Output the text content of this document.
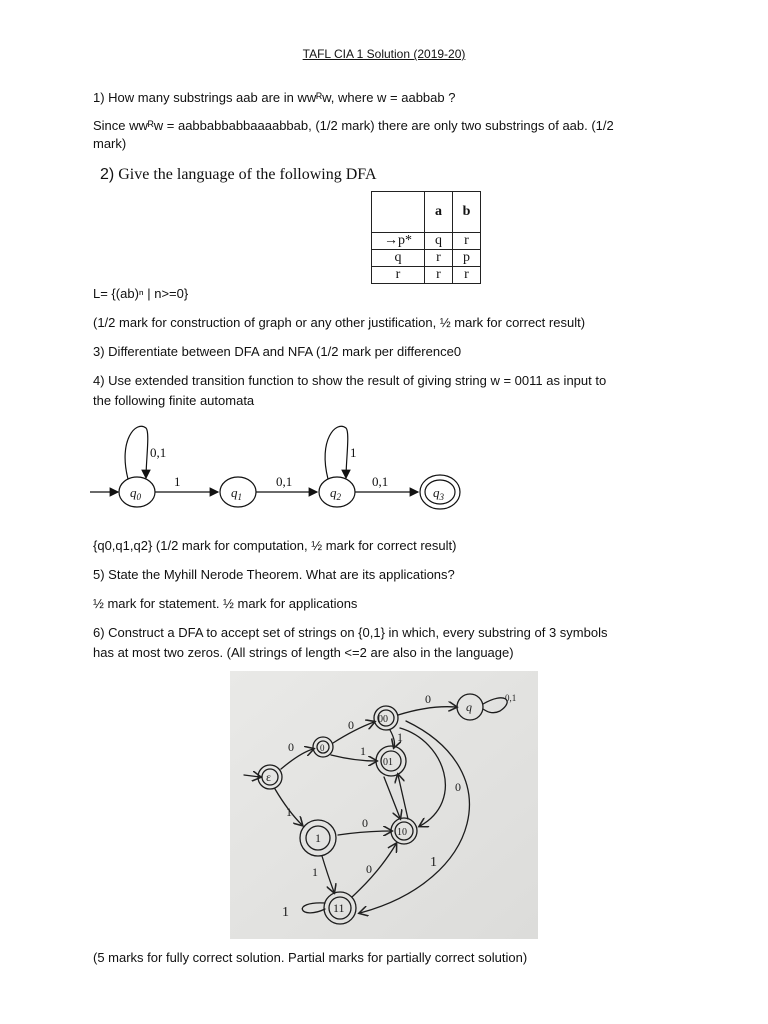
TAFL CIA 1 Solution (2019-20)
1) How many substrings aab are in wwᴿw, where w = aabbab ?
Since wwᴿw = aabbabbabbaaaabbab, (1/2 mark) there are only two substrings of aab. (1/2
mark)
2) Give the language of the following DFA
	a	b
→p*	q	r
q	r	p
r	r	r
L= {(ab)ⁿ | n>=0}
(1/2 mark for construction of graph or any other justification, ½ mark for correct result)
3) Differentiate between DFA and NFA (1/2 mark per difference0
4) Use extended transition function to show the result of giving string w = 0011 as input to
the following finite automata
0,1	1
1	0,1	0,1
$q_0$	$q_1$	$q_2$	$q_3$
{q0,q1,q2} (1/2 mark for computation, ½ mark for correct result)
5) State the Myhill Nerode Theorem. What are its applications?
½ mark for statement. ½ mark for applications
6) Construct a DFA to accept set of strings on {0,1} in which, every substring of 3 symbols
has at most two zeros. (All strings of length <=2 are also in the language)
ε
0
00
01
10
1
11
q
0
0
0	0,1
1
1
0
1
1	0	1
0
1
(5 marks for fully correct solution. Partial marks for partially correct solution)
